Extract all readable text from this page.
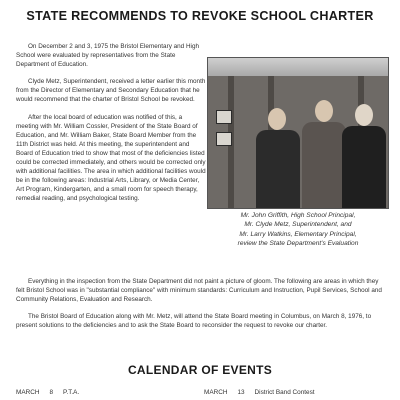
STATE RECOMMENDS TO REVOKE SCHOOL CHARTER

On December 2 and 3, 1975 the Bristol Elementary and High School were evaluated by representatives from the State Department of Education.

Clyde Metz, Superintendent, received a letter earlier this month from the Director of Elementary and Secondary Education that he would recommend that the charter of Bristol School be revoked.

After the local board of education was notified of this, a meeting with Mr. William Cossler, President of the State Board of Education, and Mr. William Baker, State Board Member from the 11th District was held. At this meeting, the superintendent and Board of Education tried to show that most of the deficiencies listed could be corrected immediately, and others would be corrected only with additional facilities. The area in which additional facilities would be in the following areas: Industrial Arts, Library, or Media Center, Art Program, Kindergarten, and a small room for speech therapy, remedial reading, and psychological testing.

Mr. John Griffith, High School Principal,
Mr. Clyde Metz, Superintendent, and
Mr. Larry Watkins, Elementary Principal,
review the State Department's Evaluation

Everything in the inspection from the State Department did not paint a picture of gloom. The following are areas in which they felt Bristol School was in "substantial compliance" with minimum standards: Curriculum and Instruction, Pupil Services, School and Community Relations, Evaluation and Research.

The Bristol Board of Education along with Mr. Metz, will attend the State Board meeting in Columbus, on March 8, 1976, to present solutions to the deficiencies and to ask the State Board to reconsider the request to revoke our charter.

CALENDAR OF EVENTS
MARCH 8 P.T.A.	MARCH 13 District Band Contest
